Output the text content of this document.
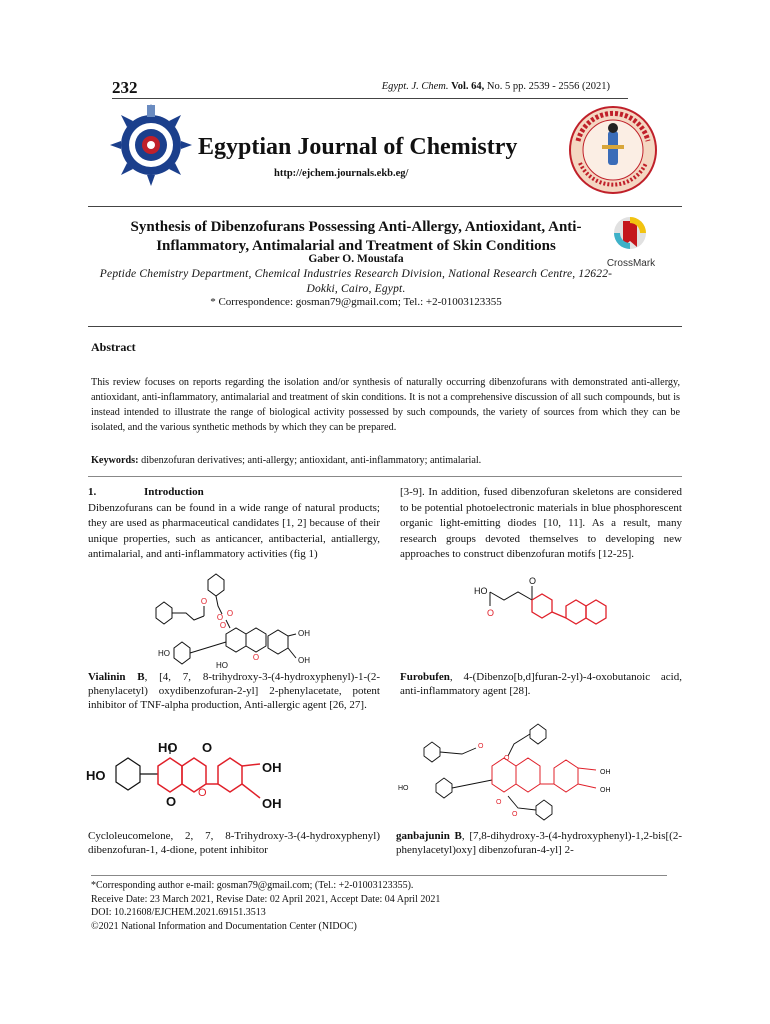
232	Egypt. J. Chem. Vol. 64, No. 5 pp. 2539 - 2556 (2021)
Egyptian Journal of Chemistry
http://ejchem.journals.ekb.eg/
CrossMark
Synthesis of Dibenzofurans Possessing Anti-Allergy, Antioxidant, Anti-Inflammatory, Antimalarial and Treatment of Skin Conditions
Gaber O. Moustafa
Peptide Chemistry Department, Chemical Industries Research Division, National Research Centre, 12622-Dokki, Cairo, Egypt.
* Correspondence: gosman79@gmail.com; Tel.: +2-01003123355
Abstract
This review focuses on reports regarding the isolation and/or synthesis of naturally occurring dibenzofurans with demonstrated anti-allergy, antioxidant, anti-inflammatory, antimalarial and treatment of skin conditions. It is not a comprehensive discussion of all such compounds, but is instead intended to illustrate the range of biological activity possessed by such compounds, the variety of sources from which they can be isolated, and the various synthetic methods by which they can be prepared.
Keywords: dibenzofuran derivatives; anti-allergy; antioxidant, anti-inflammatory; antimalarial.
1.	Introduction
Dibenzofurans can be found in a wide range of natural products; they are used as pharmaceutical candidates [1, 2] because of their unique properties, such as anticancer, antibacterial, antiallergy, antimalarial, and anti-inflammatory activities (fig 1)
[3-9]. In addition, fused dibenzofuran skeletons are considered to be potential photoelectronic materials in blue phosphorescent organic light-emitting diodes [10, 11]. As a result, many research groups devoted themselves to developing new approaches to construct dibenzofuran motifs [12-25].
O
O
O
O
HO
HO
OH
OH
O
HO
O
O
Vialinin B, [4, 7, 8-trihydroxy-3-(4-hydroxyphenyl)-1-(2-phenylacetyl) oxydibenzofuran-2-yl] 2-phenylacetate, potent inhibitor of TNF-alpha production, Anti-allergic agent [26, 27].
Furobufen, 4-(Dibenzo[b,d]furan-2-yl)-4-oxobutanoic acid, anti-inflammatory agent [28].
HO O
HO
OH
O
O
OH
O
O
O
O
HO
OH
OH
Cycloleucomelone, 2, 7, 8-Trihydroxy-3-(4-hydroxyphenyl) dibenzofuran-1, 4-dione, potent inhibitor
ganbajunin B, [7,8-dihydroxy-3-(4-hydroxyphenyl)-1,2-bis[(2-phenylacetyl)oxy] dibenzofuran-4-yl] 2-
*Corresponding author e-mail: gosman79@gmail.com; (Tel.: +2-01003123355).
Receive Date: 23 March 2021, Revise Date: 02 April 2021, Accept Date: 04 April 2021
DOI: 10.21608/EJCHEM.2021.69151.3513
©2021 National Information and Documentation Center (NIDOC)
